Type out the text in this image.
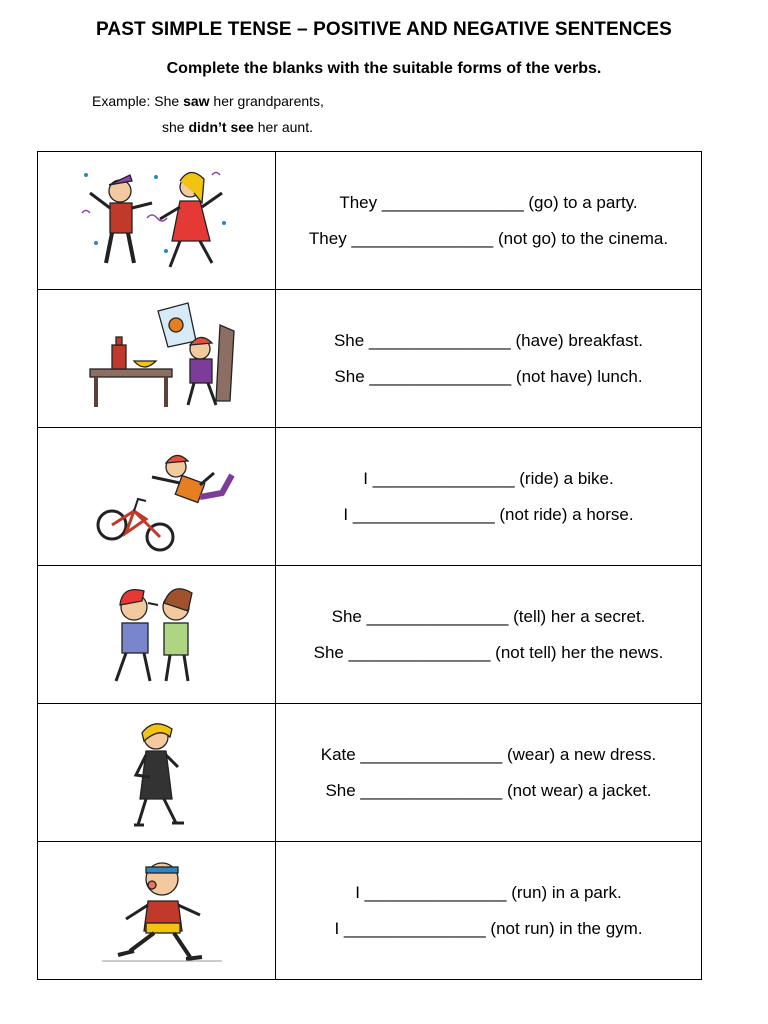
PAST SIMPLE TENSE – POSITIVE AND NEGATIVE SENTENCES
Complete the blanks with the suitable forms of the verbs.
Example: She saw her grandparents,
she didn’t see her aunt.

They _______________ (go) to a party.
They _______________ (not go) to the cinema.

She _______________ (have) breakfast.
She _______________ (not have) lunch.

I _______________ (ride) a bike.
I _______________ (not ride) a horse.

She _______________ (tell) her a secret.
She _______________ (not tell) her the news.

Kate _______________ (wear) a new dress.
She _______________ (not wear) a jacket.

I _______________ (run) in a park.
I _______________ (not run) in the gym.
